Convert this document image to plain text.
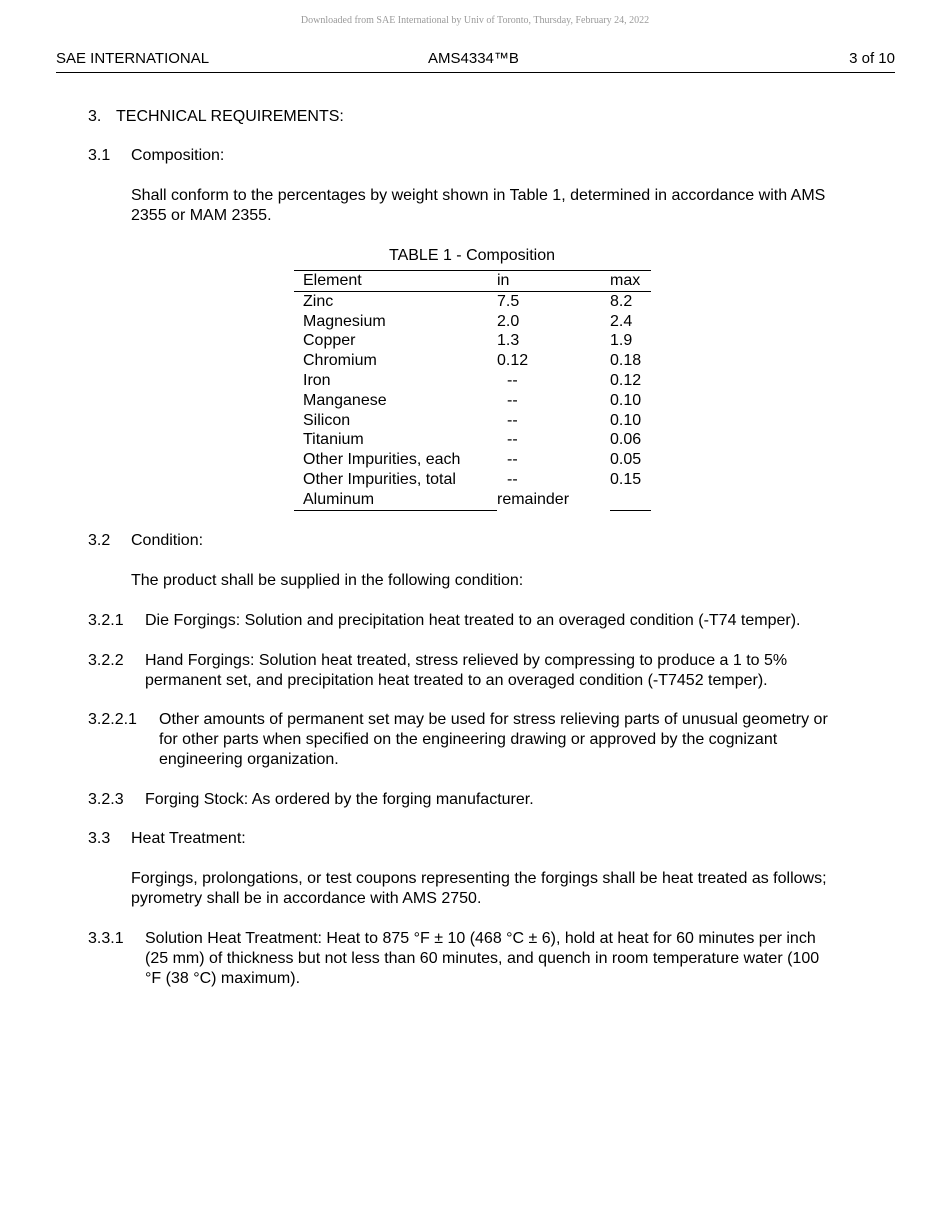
Downloaded from SAE International by Univ of Toronto, Thursday, February 24, 2022
SAE INTERNATIONAL	AMS4334™B	3 of 10
3. TECHNICAL REQUIREMENTS:
3.1 Composition:
Shall conform to the percentages by weight shown in Table 1, determined in accordance with AMS 2355 or MAM 2355.
TABLE 1 - Composition
Element	in	max
Zinc	7.5	8.2
Magnesium	2.0	2.4
Copper	1.3	1.9
Chromium	0.12	0.18
Iron	--	0.12
Manganese	--	0.10
Silicon	--	0.10
Titanium	--	0.06
Other Impurities, each	--	0.05
Other Impurities, total	--	0.15
Aluminum	remainder	
3.2 Condition:
The product shall be supplied in the following condition:
3.2.1 Die Forgings: Solution and precipitation heat treated to an overaged condition (-T74 temper).
3.2.2 Hand Forgings: Solution heat treated, stress relieved by compressing to produce a 1 to 5% permanent set, and precipitation heat treated to an overaged condition (-T7452 temper).
3.2.2.1 Other amounts of permanent set may be used for stress relieving parts of unusual geometry or for other parts when specified on the engineering drawing or approved by the cognizant engineering organization.
3.2.3 Forging Stock: As ordered by the forging manufacturer.
3.3 Heat Treatment:
Forgings, prolongations, or test coupons representing the forgings shall be heat treated as follows; pyrometry shall be in accordance with AMS 2750.
3.3.1 Solution Heat Treatment: Heat to 875 °F ± 10 (468 °C ± 6), hold at heat for 60 minutes per inch (25 mm) of thickness but not less than 60 minutes, and quench in room temperature water (100 °F (38 °C) maximum).
